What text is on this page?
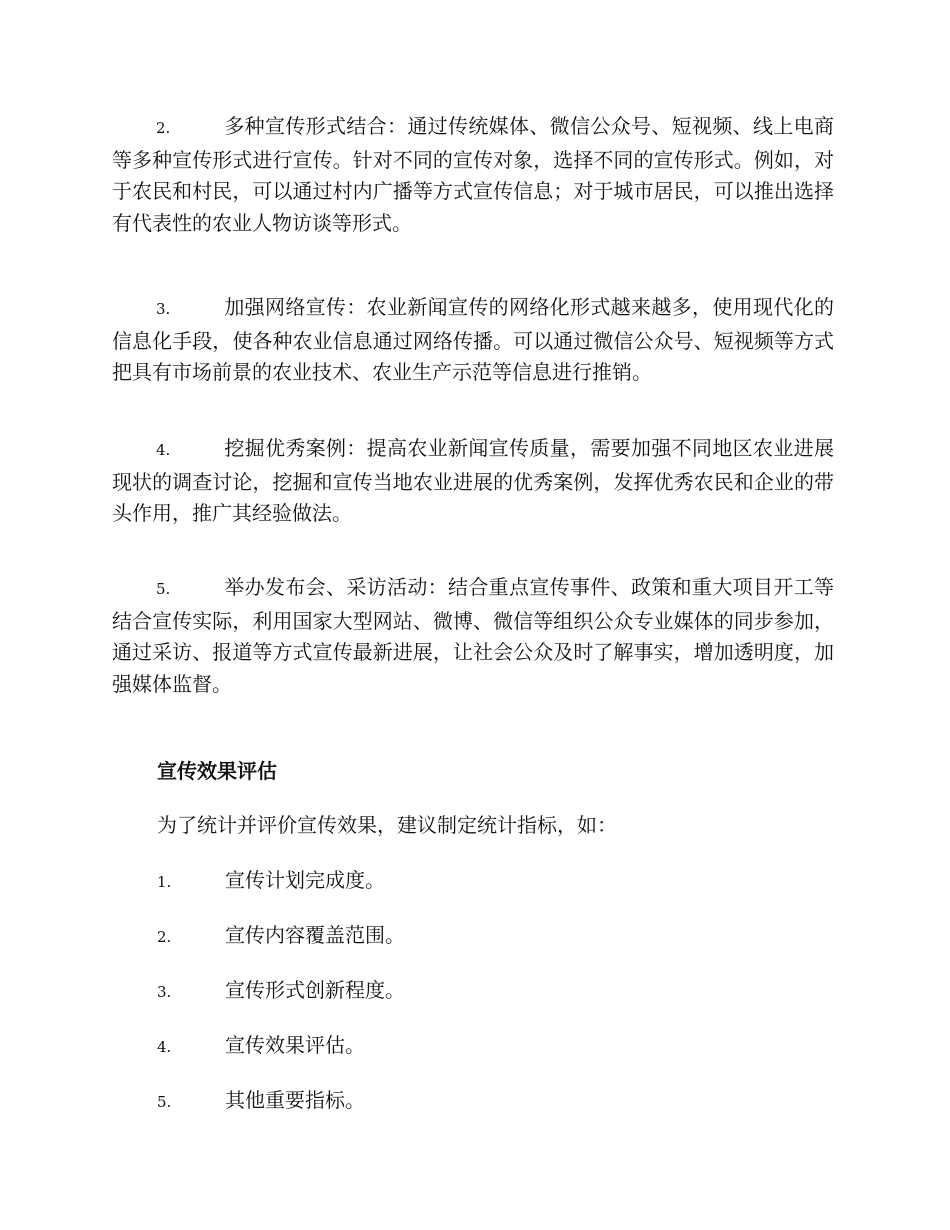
2.	多种宣传形式结合：通过传统媒体、微信公众号、短视频、线上电商等多种宣传形式进行宣传。针对不同的宣传对象，选择不同的宣传形式。例如，对于农民和村民，可以通过村内广播等方式宣传信息；对于城市居民，可以推出选择有代表性的农业人物访谈等形式。
3.	加强网络宣传：农业新闻宣传的网络化形式越来越多，使用现代化的信息化手段，使各种农业信息通过网络传播。可以通过微信公众号、短视频等方式把具有市场前景的农业技术、农业生产示范等信息进行推销。
4.	挖掘优秀案例：提高农业新闻宣传质量，需要加强不同地区农业进展现状的调查讨论，挖掘和宣传当地农业进展的优秀案例，发挥优秀农民和企业的带头作用，推广其经验做法。
5.	举办发布会、采访活动：结合重点宣传事件、政策和重大项目开工等结合宣传实际，利用国家大型网站、微博、微信等组织公众专业媒体的同步参加，通过采访、报道等方式宣传最新进展，让社会公众及时了解事实，增加透明度，加强媒体监督。
宣传效果评估
为了统计并评价宣传效果，建议制定统计指标，如：
1.	宣传计划完成度。
2.	宣传内容覆盖范围。
3.	宣传形式创新程度。
4.	宣传效果评估。
5.	其他重要指标。
